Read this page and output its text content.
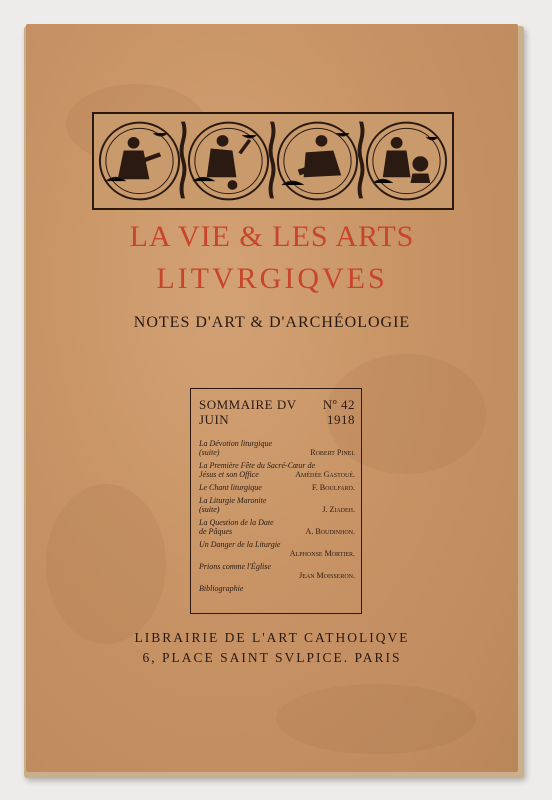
LA VIE & LES ARTS
LITVRGIQVES
NOTES D'ART & D'ARCHÉOLOGIE
SOMMAIRE DV Nº 42
JUIN	1918
La Dévotion liturgique
(suite)	Robert Pinel
La Première Fête du Sacré-Cœur de
Jésus et son Office	Amédée Gastoué.
Le Chant liturgique	F. Boulfard.
La Liturgie Maronite
(suite)	J. Ziadeh.
La Question de la Date
de Pâques	A. Boudinhon.
Un Danger de la Liturgie
Alphonse Mortier.
Prions comme l'Église
Jean Moisseron.
Bibliographie
LIBRAIRIE DE L'ART CATHOLIQVE
6, PLACE SAINT SVLPICE. PARIS
